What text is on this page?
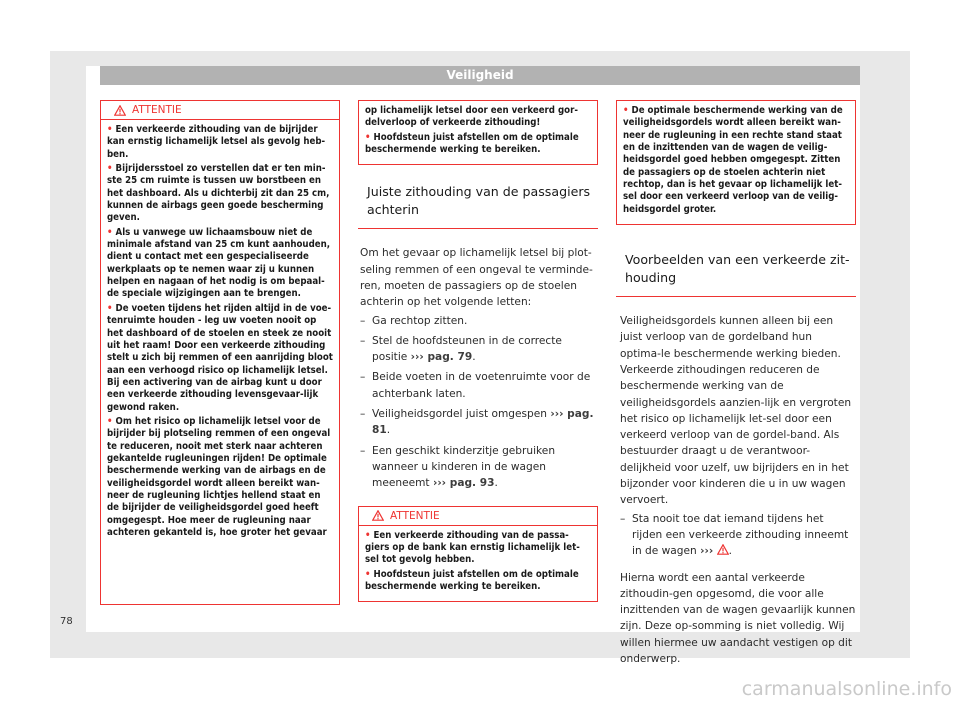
Veiligheid
ATTENTIE

• Een verkeerde zithouding van de bijrijder kan ernstig lichamelijk letsel als gevolg heb-ben.

• Bijrijdersstoel zo verstellen dat er ten min-ste 25 cm ruimte is tussen uw borstbeen en het dashboard. Als u dichterbij zit dan 25 cm, kunnen de airbags geen goede bescherming geven.

• Als u vanwege uw lichaamsbouw niet de minimale afstand van 25 cm kunt aanhouden, dient u contact met een gespecialiseerde werkplaats op te nemen waar zij u kunnen helpen en nagaan of het nodig is om bepaal-de speciale wijzigingen aan te brengen.

• De voeten tijdens het rijden altijd in de voe-tenruimte houden - leg uw voeten nooit op het dashboard of de stoelen en steek ze nooit uit het raam! Door een verkeerde zithouding stelt u zich bij remmen of een aanrijding bloot aan een verhoogd risico op lichamelijk letsel. Bij een activering van de airbag kunt u door een verkeerde zithouding levensgevaar-lijk gewond raken.

• Om het risico op lichamelijk letsel voor de bijrijder bij plotseling remmen of een ongeval te reduceren, nooit met sterk naar achteren gekantelde rugleuningen rijden! De optimale beschermende werking van de airbags en de veiligheidsgordel wordt alleen bereikt wan-neer de rugleuning lichtjes hellend staat en de bijrijder de veiligheidsgordel goed heeft omgegespt. Hoe meer de rugleuning naar achteren gekanteld is, hoe groter het gevaar

op lichamelijk letsel door een verkeerd gor-delverloop of verkeerde zithouding!

• Hoofdsteun juist afstellen om de optimale beschermende werking te bereiken.

Juiste zithouding van de passagiers achterin

Om het gevaar op lichamelijk letsel bij plot-seling remmen of een ongeval te verminde-ren, moeten de passagiers op de stoelen achterin op het volgende letten:

– Ga rechtop zitten.
– Stel de hoofdsteunen in de correcte positie ››› pag. 79.
– Beide voeten in de voetenruimte voor de achterbank laten.
– Veiligheidsgordel juist omgespen ››› pag. 81.
– Een geschikt kinderzitje gebruiken wanneer u kinderen in de wagen meeneemt ››› pag. 93.
ATTENTIE

• Een verkeerde zithouding van de passa-giers op de bank kan ernstig lichamelijk let-sel tot gevolg hebben.

• Hoofdsteun juist afstellen om de optimale beschermende werking te bereiken.

• De optimale beschermende werking van de veiligheidsgordels wordt alleen bereikt wan-neer de rugleuning in een rechte stand staat en de inzittenden van de wagen de veilig-heidsgordel goed hebben omgegespt. Zitten de passagiers op de stoelen achterin niet rechtop, dan is het gevaar op lichamelijk let-sel door een verkeerd verloop van de veilig-heidsgordel groter.

Voorbeelden van een verkeerde zit-houding

Veiligheidsgordels kunnen alleen bij een juist verloop van de gordelband hun optima-le beschermende werking bieden. Verkeerde zithoudingen reduceren de beschermende werking van de veiligheidsgordels aanzien-lijk en vergroten het risico op lichamelijk let-sel door een verkeerd verloop van de gordel-band. Als bestuurder draagt u de verantwoor-delijkheid voor uzelf, uw bijrijders en in het bijzonder voor kinderen die u in uw wagen vervoert.

– Sta nooit toe dat iemand tijdens het rijden een verkeerde zithouding inneemt in de wagen ››› .

Hierna wordt een aantal verkeerde zithoudin-gen opgesomd, die voor alle inzittenden van de wagen gevaarlijk kunnen zijn. Deze op-somming is niet volledig. Wij willen hiermee uw aandacht vestigen op dit onderwerp.

78
carmanualsonline.info
